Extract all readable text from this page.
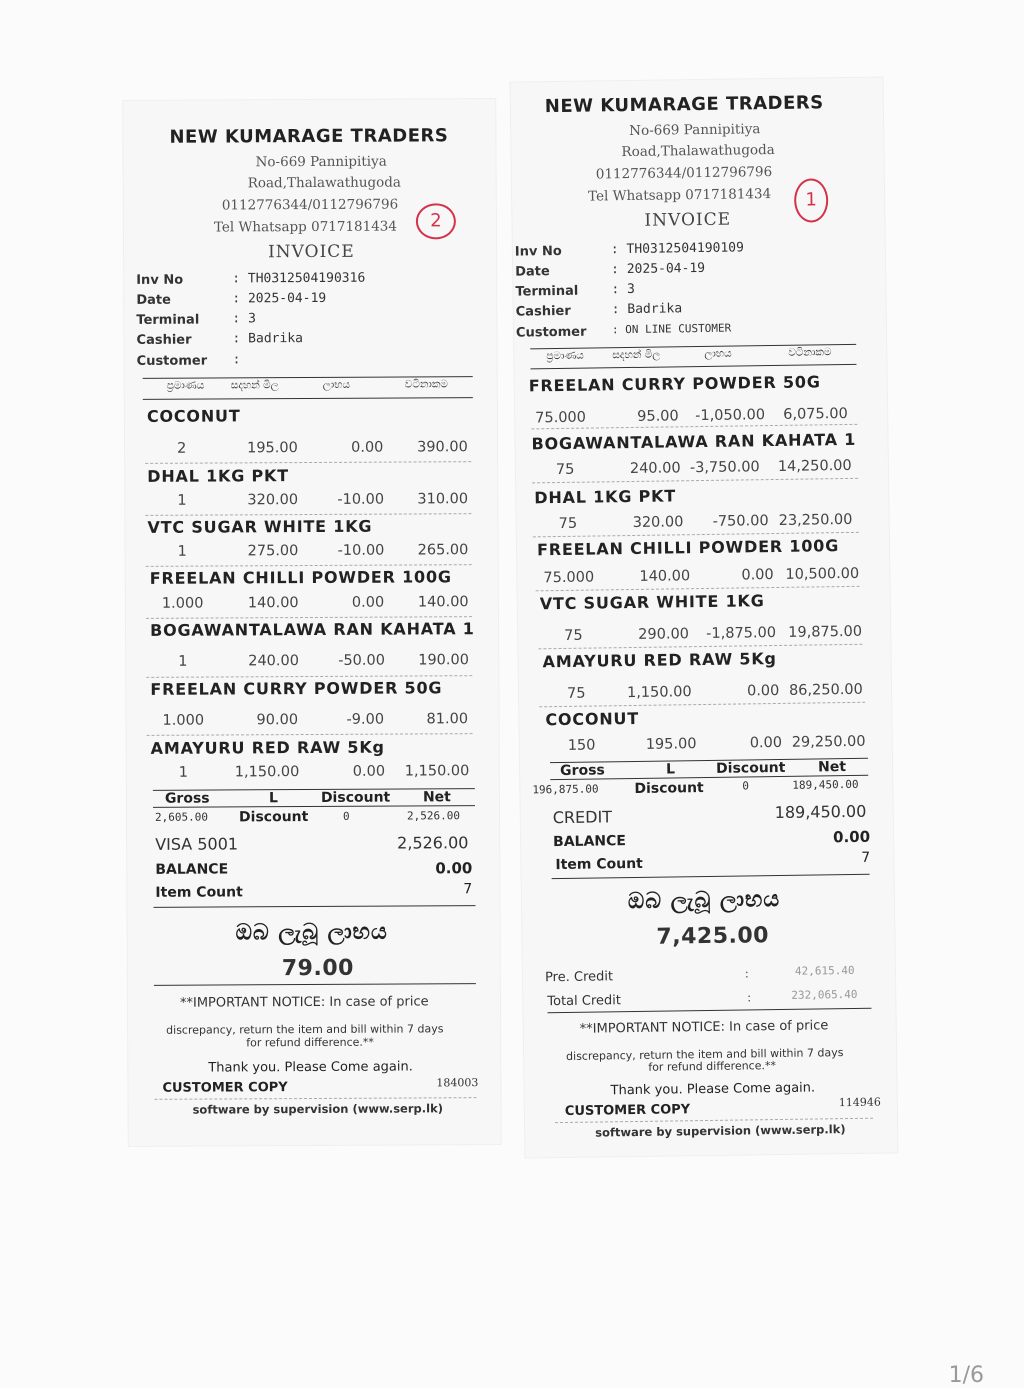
NEW KUMARAGE TRADERS
No-669 Pannipitiya
Road,Thalawathugoda
0112776344/0112796796
Tel Whatsapp 0717181434
INVOICE
2
Inv No	: TH0312504190316
Date	: 2025-04-19
Terminal	: 3
Cashier	: Badrika
Customer :
ප්‍රමාණය	සදහන් මිල	ලාභය	වටිනාකම
COCONUT
2	195.00	0.00 390.00
DHAL 1KG PKT
1	320.00	-10.00 310.00
VTC SUGAR WHITE 1KG
1	275.00	-10.00 265.00
FREELAN CHILLI POWDER 100G
1.000	140.00	0.00 140.00
BOGAWANTALAWA RAN KAHATA 1
1	240.00	-50.00 190.00
FREELAN CURRY POWDER 50G
1.000	90.00	-9.00	81.00
AMAYURU RED RAW 5Kg
1	1,150.00	0.00 1,150.00
Gross	L	Discount Net
2,605.00 Discount	0	2,526.00
VISA 5001	2,526.00
BALANCE	0.00
Item Count	7
ඔබ ලැබූ ලාභය
79.00
**IMPORTANT NOTICE: In case of price
discrepancy, return the item and bill within 7 days
for refund difference.**
Thank you. Please Come again.
CUSTOMER COPY	184003
software by supervision (www.serp.lk)
NEW KUMARAGE TRADERS
No-669 Pannipitiya
Road,Thalawathugoda
0112776344/0112796796
Tel Whatsapp 0717181434
INVOICE
1
Inv No	: TH0312504190109
Date	: 2025-04-19
Terminal	: 3
Cashier	: Badrika
Customer : ON LINE CUSTOMER
ප්‍රමාණය	සදහන් මිල	ලාභය	වටිනාකම
FREELAN CURRY POWDER 50G
75.000	95.00 -1,050.00 6,075.00
BOGAWANTALAWA RAN KAHATA 1
75	240.00 -3,750.00 14,250.00
DHAL 1KG PKT
75	320.00 -750.00 23,250.00
FREELAN CHILLI POWDER 100G
75.000	140.00	0.00 10,500.00
VTC SUGAR WHITE 1KG
75	290.00 -1,875.00 19,875.00
AMAYURU RED RAW 5Kg
75	1,150.00	0.00 86,250.00
COCONUT
150	195.00	0.00 29,250.00
Gross	L	Discount Net
196,875.00	Discount	0	189,450.00
CREDIT	189,450.00
BALANCE	0.00
Item Count	7
ඔබ ලැබූ ලාභය
7,425.00
Pre. Credit	:	42,615.40
Total Credit	:	232,065.40
**IMPORTANT NOTICE: In case of price
discrepancy, return the item and bill within 7 days
for refund difference.**
Thank you. Please Come again.
CUSTOMER COPY	114946
software by supervision (www.serp.lk)
1/6
